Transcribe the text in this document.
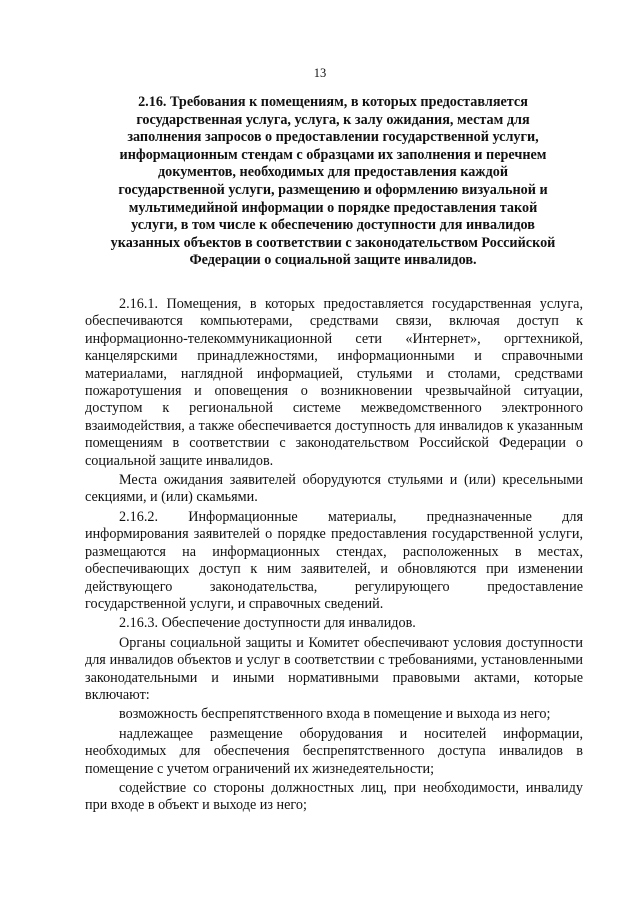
13
2.16. Требования к помещениям, в которых предоставляется государственная услуга, услуга, к залу ожидания, местам для заполнения запросов о предоставлении государственной услуги, информационным стендам с образцами их заполнения и перечнем документов, необходимых для предоставления каждой государственной услуги, размещению и оформлению визуальной и мультимедийной информации о порядке предоставления такой услуги, в том числе к обеспечению доступности для инвалидов указанных объектов в соответствии с законодательством Российской Федерации о социальной защите инвалидов.

2.16.1. Помещения, в которых предоставляется государственная услуга, обеспечиваются компьютерами, средствами связи, включая доступ к информационно-телекоммуникационной сети «Интернет», оргтехникой, канцелярскими принадлежностями, информационными и справочными материалами, наглядной информацией, стульями и столами, средствами пожаротушения и оповещения о возникновении чрезвычайной ситуации, доступом к региональной системе межведомственного электронного взаимодействия, а также обеспечивается доступность для инвалидов к указанным помещениям в соответствии с законодательством Российской Федерации о социальной защите инвалидов.

Места ожидания заявителей оборудуются стульями и (или) кресельными секциями, и (или) скамьями.

2.16.2. Информационные материалы, предназначенные для информирования заявителей о порядке предоставления государственной услуги, размещаются на информационных стендах, расположенных в местах, обеспечивающих доступ к ним заявителей, и обновляются при изменении действующего законодательства, регулирующего предоставление государственной услуги, и справочных сведений.

2.16.3. Обеспечение доступности для инвалидов.

Органы социальной защиты и Комитет обеспечивают условия доступности для инвалидов объектов и услуг в соответствии с требованиями, установленными законодательными и иными нормативными правовыми актами, которые включают:

возможность беспрепятственного входа в помещение и выхода из него;

надлежащее размещение оборудования и носителей информации, необходимых для обеспечения беспрепятственного доступа инвалидов в помещение с учетом ограничений их жизнедеятельности;

содействие со стороны должностных лиц, при необходимости, инвалиду при входе в объект и выходе из него;
